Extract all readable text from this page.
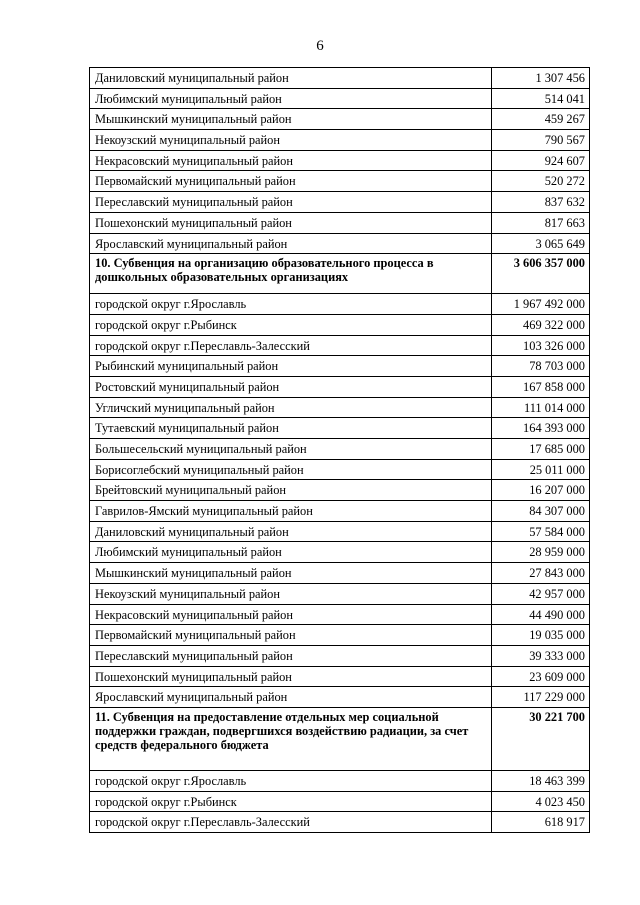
6
Даниловский муниципальный район	1 307 456
Любимский муниципальный район	514 041
Мышкинский муниципальный район	459 267
Некоузский муниципальный район	790 567
Некрасовский муниципальный район	924 607
Первомайский муниципальный район	520 272
Переславский муниципальный район	837 632
Пошехонский муниципальный район	817 663
Ярославский муниципальный район	3 065 649
10. Субвенция на организацию образовательного процесса в дошкольных образовательных организациях	3 606 357 000
городской округ г.Ярославль	1 967 492 000
городской округ г.Рыбинск	469 322 000
городской округ г.Переславль-Залесский	103 326 000
Рыбинский муниципальный район	78 703 000
Ростовский муниципальный район	167 858 000
Угличский муниципальный район	111 014 000
Тутаевский муниципальный район	164 393 000
Большесельский муниципальный район	17 685 000
Борисоглебский муниципальный район	25 011 000
Брейтовский муниципальный район	16 207 000
Гаврилов-Ямский муниципальный район	84 307 000
Даниловский муниципальный район	57 584 000
Любимский муниципальный район	28 959 000
Мышкинский муниципальный район	27 843 000
Некоузский муниципальный район	42 957 000
Некрасовский муниципальный район	44 490 000
Первомайский муниципальный район	19 035 000
Переславский муниципальный район	39 333 000
Пошехонский муниципальный район	23 609 000
Ярославский муниципальный район	117 229 000
11. Субвенция на предоставление отдельных мер социальной поддержки граждан, подвергшихся воздействию радиации, за счет средств федерального бюджета	30 221 700
городской округ г.Ярославль	18 463 399
городской округ г.Рыбинск	4 023 450
городской округ г.Переславль-Залесский	618 917
